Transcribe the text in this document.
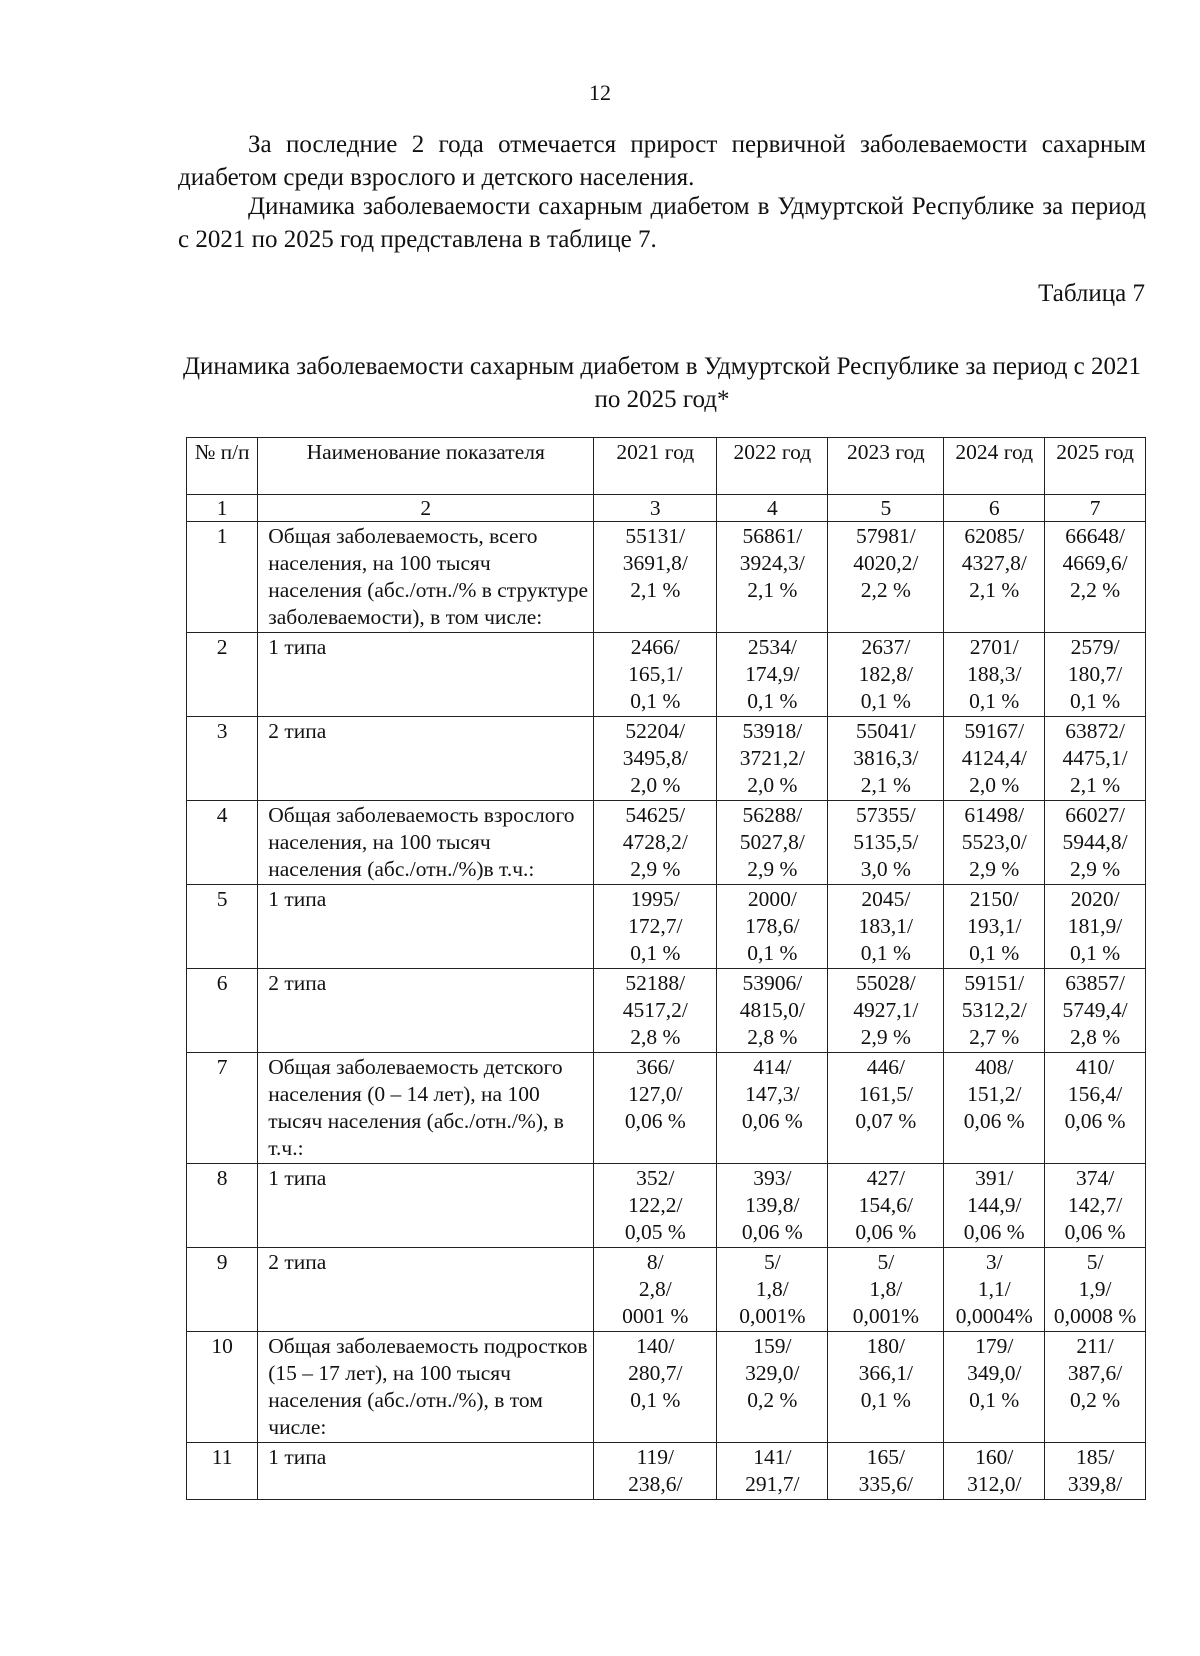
12

За последние 2 года отмечается прирост первичной заболеваемости сахарным диабетом среди взрослого и детского населения.

Динамика заболеваемости сахарным диабетом в Удмуртской Республике за период с 2021 по 2025 год представлена в таблице 7.

Таблица 7
Динамика заболеваемости сахарным диабетом в Удмуртской Республике за период с 2021 по 2025 год*
№ п/п	Наименование показателя	2021 год	2022 год	2023 год	2024 год	2025 год
1	2	3	4	5	6	7
1	Общая заболеваемость, всего населения, на 100 тысяч населения (абс./отн./% в структуре заболеваемости), в том числе:	55131/
3691,8/
2,1 %	56861/
3924,3/
2,1 %	57981/
4020,2/
2,2 %	62085/
4327,8/
2,1 %	66648/
4669,6/
2,2 %

2	1 типа	2466/
165,1/
0,1 %	2534/
174,9/
0,1 %	2637/
182,8/
0,1 %	2701/
188,3/
0,1 %	2579/
180,7/
0,1 %

3	2 типа	52204/
3495,8/
2,0 %	53918/
3721,2/
2,0 %	55041/
3816,3/
2,1 %	59167/
4124,4/
2,0 %	63872/
4475,1/
2,1 %

4	Общая заболеваемость взрослого населения, на 100 тысяч населения (абс./отн./%)в т.ч.:	54625/
4728,2/
2,9 %	56288/
5027,8/
2,9 %	57355/
5135,5/
3,0 %	61498/
5523,0/
2,9 %	66027/
5944,8/
2,9 %

5	1 типа	1995/
172,7/
0,1 %	2000/
178,6/
0,1 %	2045/
183,1/
0,1 %	2150/
193,1/
0,1 %	2020/
181,9/
0,1 %

6	2 типа	52188/
4517,2/
2,8 %	53906/
4815,0/
2,8 %	55028/
4927,1/
2,9 %	59151/
5312,2/
2,7 %	63857/
5749,4/
2,8 %

7	Общая заболеваемость детского населения (0 – 14 лет), на 100 тысяч населения (абс./отн./%), в т.ч.:	366/
127,0/
0,06 %	414/
147,3/
0,06 %	446/
161,5/
0,07 %	408/
151,2/
0,06 %	410/
156,4/
0,06 %

8	1 типа	352/
122,2/
0,05 %	393/
139,8/
0,06 %	427/
154,6/
0,06 %	391/
144,9/
0,06 %	374/
142,7/
0,06 %

9	2 типа	8/
2,8/
0001 %	5/
1,8/
0,001%	5/
1,8/
0,001%	3/
1,1/
0,0004%	5/
1,9/
0,0008 %

10	Общая заболеваемость подростков (15 – 17 лет), на 100 тысяч населения (абс./отн./%), в том числе:	140/
280,7/
0,1 %	159/
329,0/
0,2 %	180/
366,1/
0,1 %	179/
349,0/
0,1 %	211/
387,6/
0,2 %

11	1 типа	119/
238,6/	141/
291,7/	165/
335,6/	160/
312,0/	185/
339,8/
